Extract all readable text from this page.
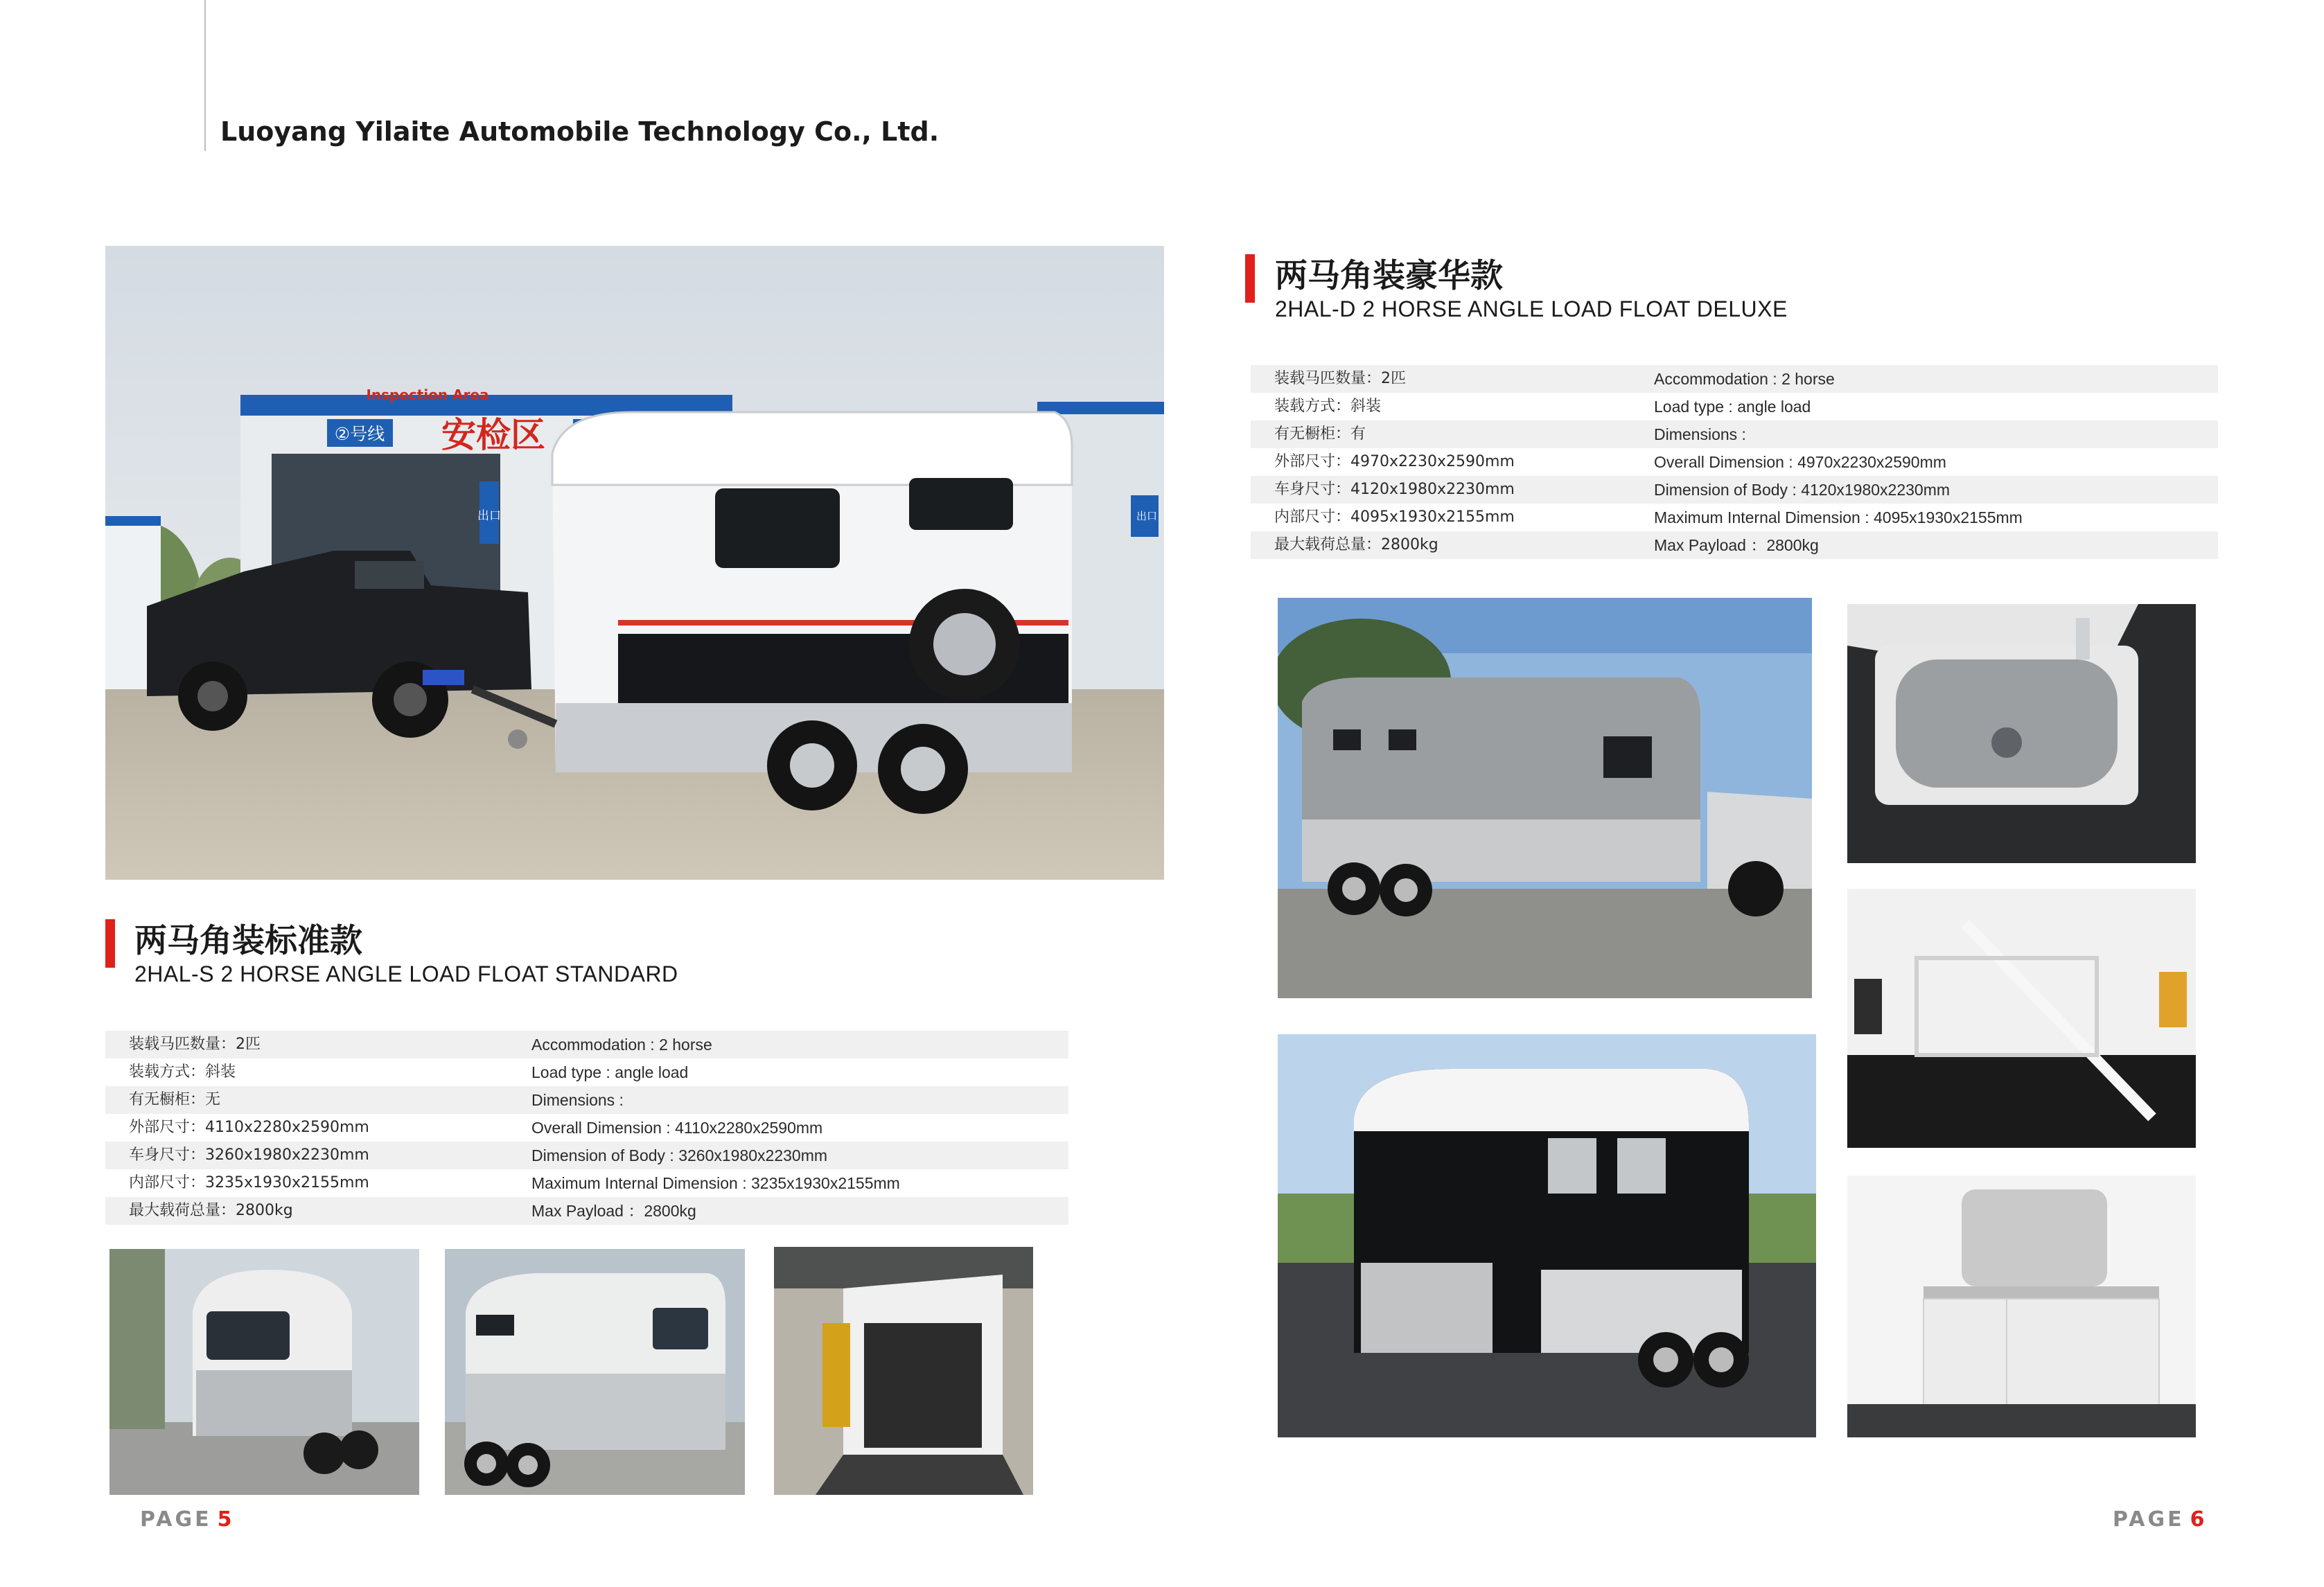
Luoyang Yilaite Automobile Technology Co., Ltd.
Inspection Area
②号线 安检区
出口	出口
两马角装标准款
2HAL-S 2 HORSE ANGLE LOAD FLOAT STANDARD
装载马匹数量：2匹	Accommodation : 2 horse
装载方式：斜装	Load type : angle load
有无橱柜：无	Dimensions :
外部尺寸：4110x2280x2590mm	Overall Dimension : 4110x2280x2590mm
车身尺寸：3260x1980x2230mm	Dimension of Body : 3260x1980x2230mm
内部尺寸：3235x1930x2155mm	Maximum Internal Dimension : 3235x1930x2155mm
最大载荷总量：2800kg	Max Payload ：2800kg
PAGE 5
两马角装豪华款
2HAL-D 2 HORSE ANGLE LOAD FLOAT DELUXE
装载马匹数量：2匹	Accommodation : 2 horse
装载方式：斜装	Load type : angle load
有无橱柜：有	Dimensions :
外部尺寸：4970x2230x2590mm	Overall Dimension : 4970x2230x2590mm
车身尺寸：4120x1980x2230mm	Dimension of Body : 4120x1980x2230mm
内部尺寸：4095x1930x2155mm	Maximum Internal Dimension : 4095x1930x2155mm
最大载荷总量：2800kg	Max Payload ：2800kg
PAGE 6
